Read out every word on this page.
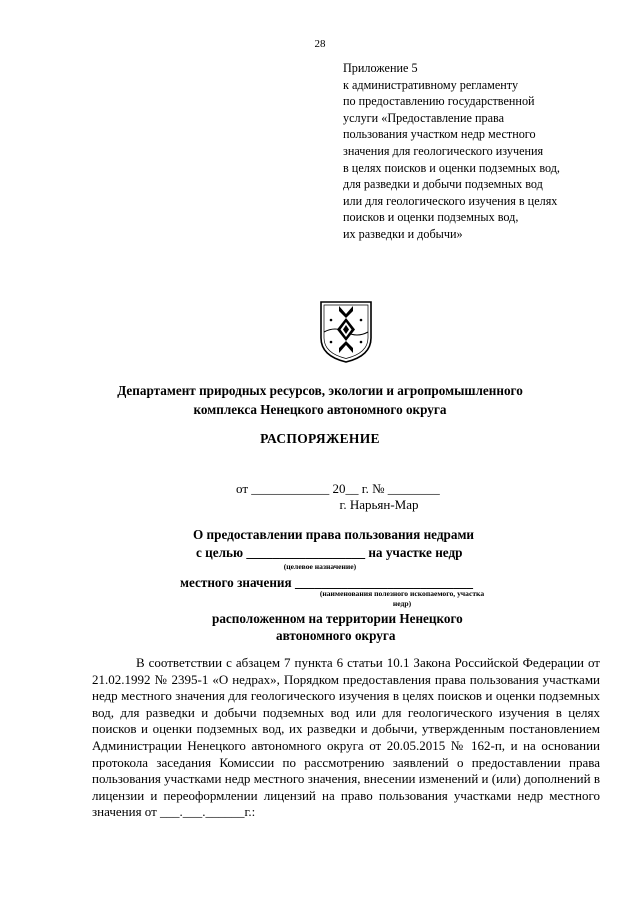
28
Приложение 5
к административному регламенту
по предоставлению государственной
услуги «Предоставление права
пользования участком недр местного
значения для геологического изучения
в целях поисков и оценки подземных вод,
для разведки и добычи подземных вод
или для геологического изучения в целях
поисков и оценки подземных вод,
их разведки и добычи»
Департамент природных ресурсов, экологии и агропромышленного
комплекса Ненецкого автономного округа
РАСПОРЯЖЕНИЕ
от ____________ 20__ г. № ________
г. Нарьян-Мар
О предоставлении права пользования недрами
с целью __________________ на участке недр
(целевое назначение)
местного значения ___________________________
(наименования полезного ископаемого, участка
недр)
расположенном на территории Ненецкого
автономного округа

В соответствии с абзацем 7 пункта 6 статьи 10.1 Закона Российской Федерации от 21.02.1992 № 2395-1 «О недрах», Порядком предоставления права пользования участками недр местного значения для геологического изучения в целях поисков и оценки подземных вод, для разведки и добычи подземных вод или для геологического изучения в целях поисков и оценки подземных вод, их разведки и добычи, утвержденным постановлением Администрации Ненецкого автономного округа от 20.05.2015 № 162-п, и на основании протокола заседания Комиссии по рассмотрению заявлений о предоставлении права пользования участками недр местного значения, внесении изменений и (или) дополнений в лицензии и переоформлении лицензий на право пользования участками недр местного значения от ___.___.______г.:
